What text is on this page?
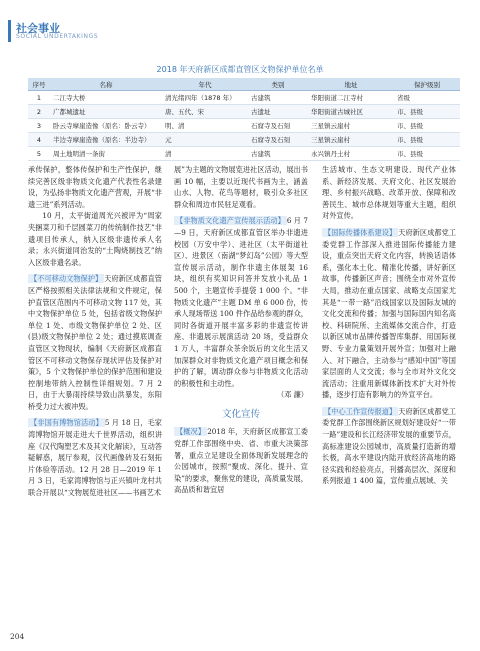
社会事业
SOCIAL UNDERTAKINGS
2018 年天府新区成都直管区文物保护单位名单
序号	名称	年代	类别	地址	保护级别
1	二江寺大桥	清光绪四年（1878 年）	古建筑	华阳街道二江寺村	省级
2	广都城遗址	唐、五代、宋	古遗址	华阳街道古城社区	市、县级
3	卧云寺摩崖造像（原名：卧云寺）	明、清	石窟寺及石刻	三星镇云崖村	市、县级
4	半边寺摩崖造像（原名：半边寺）	元	石窟寺及石刻	三星镇云崖村	市、县级
5	周土地明清一条街	清	古建筑	永兴镇丹土村	市、县级

承传保护，整体传保护和生产性保护，继续完善区级非物质文化遗产代表性名录建设，为弘扬非物质文化遗产营观，开展“非遗三进”系列活动。

10 月，太平街道周光兴被评为“周家夹捆菜刀和千层圆菜刀的传统制作技艺”非遗项目传承人，纳入区级非遗传承人名录；永兴街道同治发的“土陶烧制技艺”纳入区级非遗名录。

【不可移动文物保护】 天府新区成都直管区严格按照相关法律法规和文件规定，保护直管区范围内不可移动文物 117 处，其中文物保护单位 5 处，包括省级文物保护单位 1 处、市级文物保护单位 2 处、区(县)级文物保护单位 2 处；通过摸底调查直管区文物现状，编制《天府新区成都直管区不可移动文物保存现状评估及保护对策》，5 个文物保护单位的保护范围和建设控制地带纳入控制性详细规划。7 月 2 日，由于大暴雨持续导致山洪暴发，东阳桥受力过大被冲毁。

【非国有博物馆活动】 5 月 18 日，毛家湾博物馆开展走进大千世界活动，组织讲座《汉代陶塑艺术及其文化解读》，互动答疑解惑，展厅参观，汉代画像砖及石刻拓片体验等活动。12 月 28 日—2019 年 1 月 3 日，毛家湾博物馆与正兴镇叶龙村共联合开展以“文物展览进社区——书画艺术

展”为主题的文物展览进社区活动，展出书画 10 幅，主要以近现代书画为主，涵盖山水、人物、花鸟等题材，吸引众多社区群众和周边市民驻足观看。

【非物质文化遗产宣传展示活动】 6 月 7—9 日，天府新区成都直管区举办非遗进校园（万安中学）、进社区（太平街道社区）、进景区（南湖“梦幻岛”公园）等大型宣传展示活动，制作非遗主体展架 16 块，组织有奖知识问答并发放小礼品 1 500 个，主题宣传手提袋 1 000 个。“非物质文化遗产”主题 DM 单 6 000 份，传承人现场帮送 100 件作品给参观的群众，同时各街道开展丰富多彩的非遗宣传讲座、非遗展示展演活动 20 场，受益群众 1 万人，丰富群众茶余饭后的文化生活又加深群众对非物质文化遗产项目概念和保护的了解，调动群众参与非物质文化活动的积极性和主动性。

（邓 濂）

文化宣传

【概况】 2018 年，天府新区成都宣工委党群工作部围绕中央、省、市重大决策部署，重点立足建设全面体现新发展理念的公园城市，按照“聚成、深化、提升、宣染”的要求，聚焦党的建设，高质量发展，高品质和谐宜居

生活城市、生态文明建设、现代产业体系、新经济发展、天府文化、社区发展治理、乡村振兴战略、改革开放、保障和改善民生、城市总体规划等重大主题，组织对外宣传。

【国际传播体系建设】 天府新区成都党工委党群工作部深入推进国际传播能力建设，重点突出天府文化内容，转换话语体系，强化本土化、精准化传播，讲好新区故事，传播新区声音；围绕全市对外宣传大局，推动在重点国家、战略支点国家尤其是“一带一路”沿线国家以及国际友城的文化交流和传播；加强与国际国内知名高校、科研院所、主流媒体交流合作，打造以新区城市品牌传播智库集群、用国际视野、专业力量策划开展外宣；加强对上融入、对下融合，主动参与“感知中国”等国家层面的人文交流；参与全市对外文化交流活动；注重用新媒体新技术扩大对外传播，逐步打造有影响力的外宣平台。

【中心工作宣传报道】 天府新区成都党工委党群工作部围绕新区规划好建设好“一带一路”建设和长江经济带发展的重要节点，高标准建设公园城市，高质量打造新的增长极，高水平建设内陆开放经济高地的路径实践和经验亮点，刊播高层次、深度和系列报道 1 400 篇，宣传重点展域、关

204
